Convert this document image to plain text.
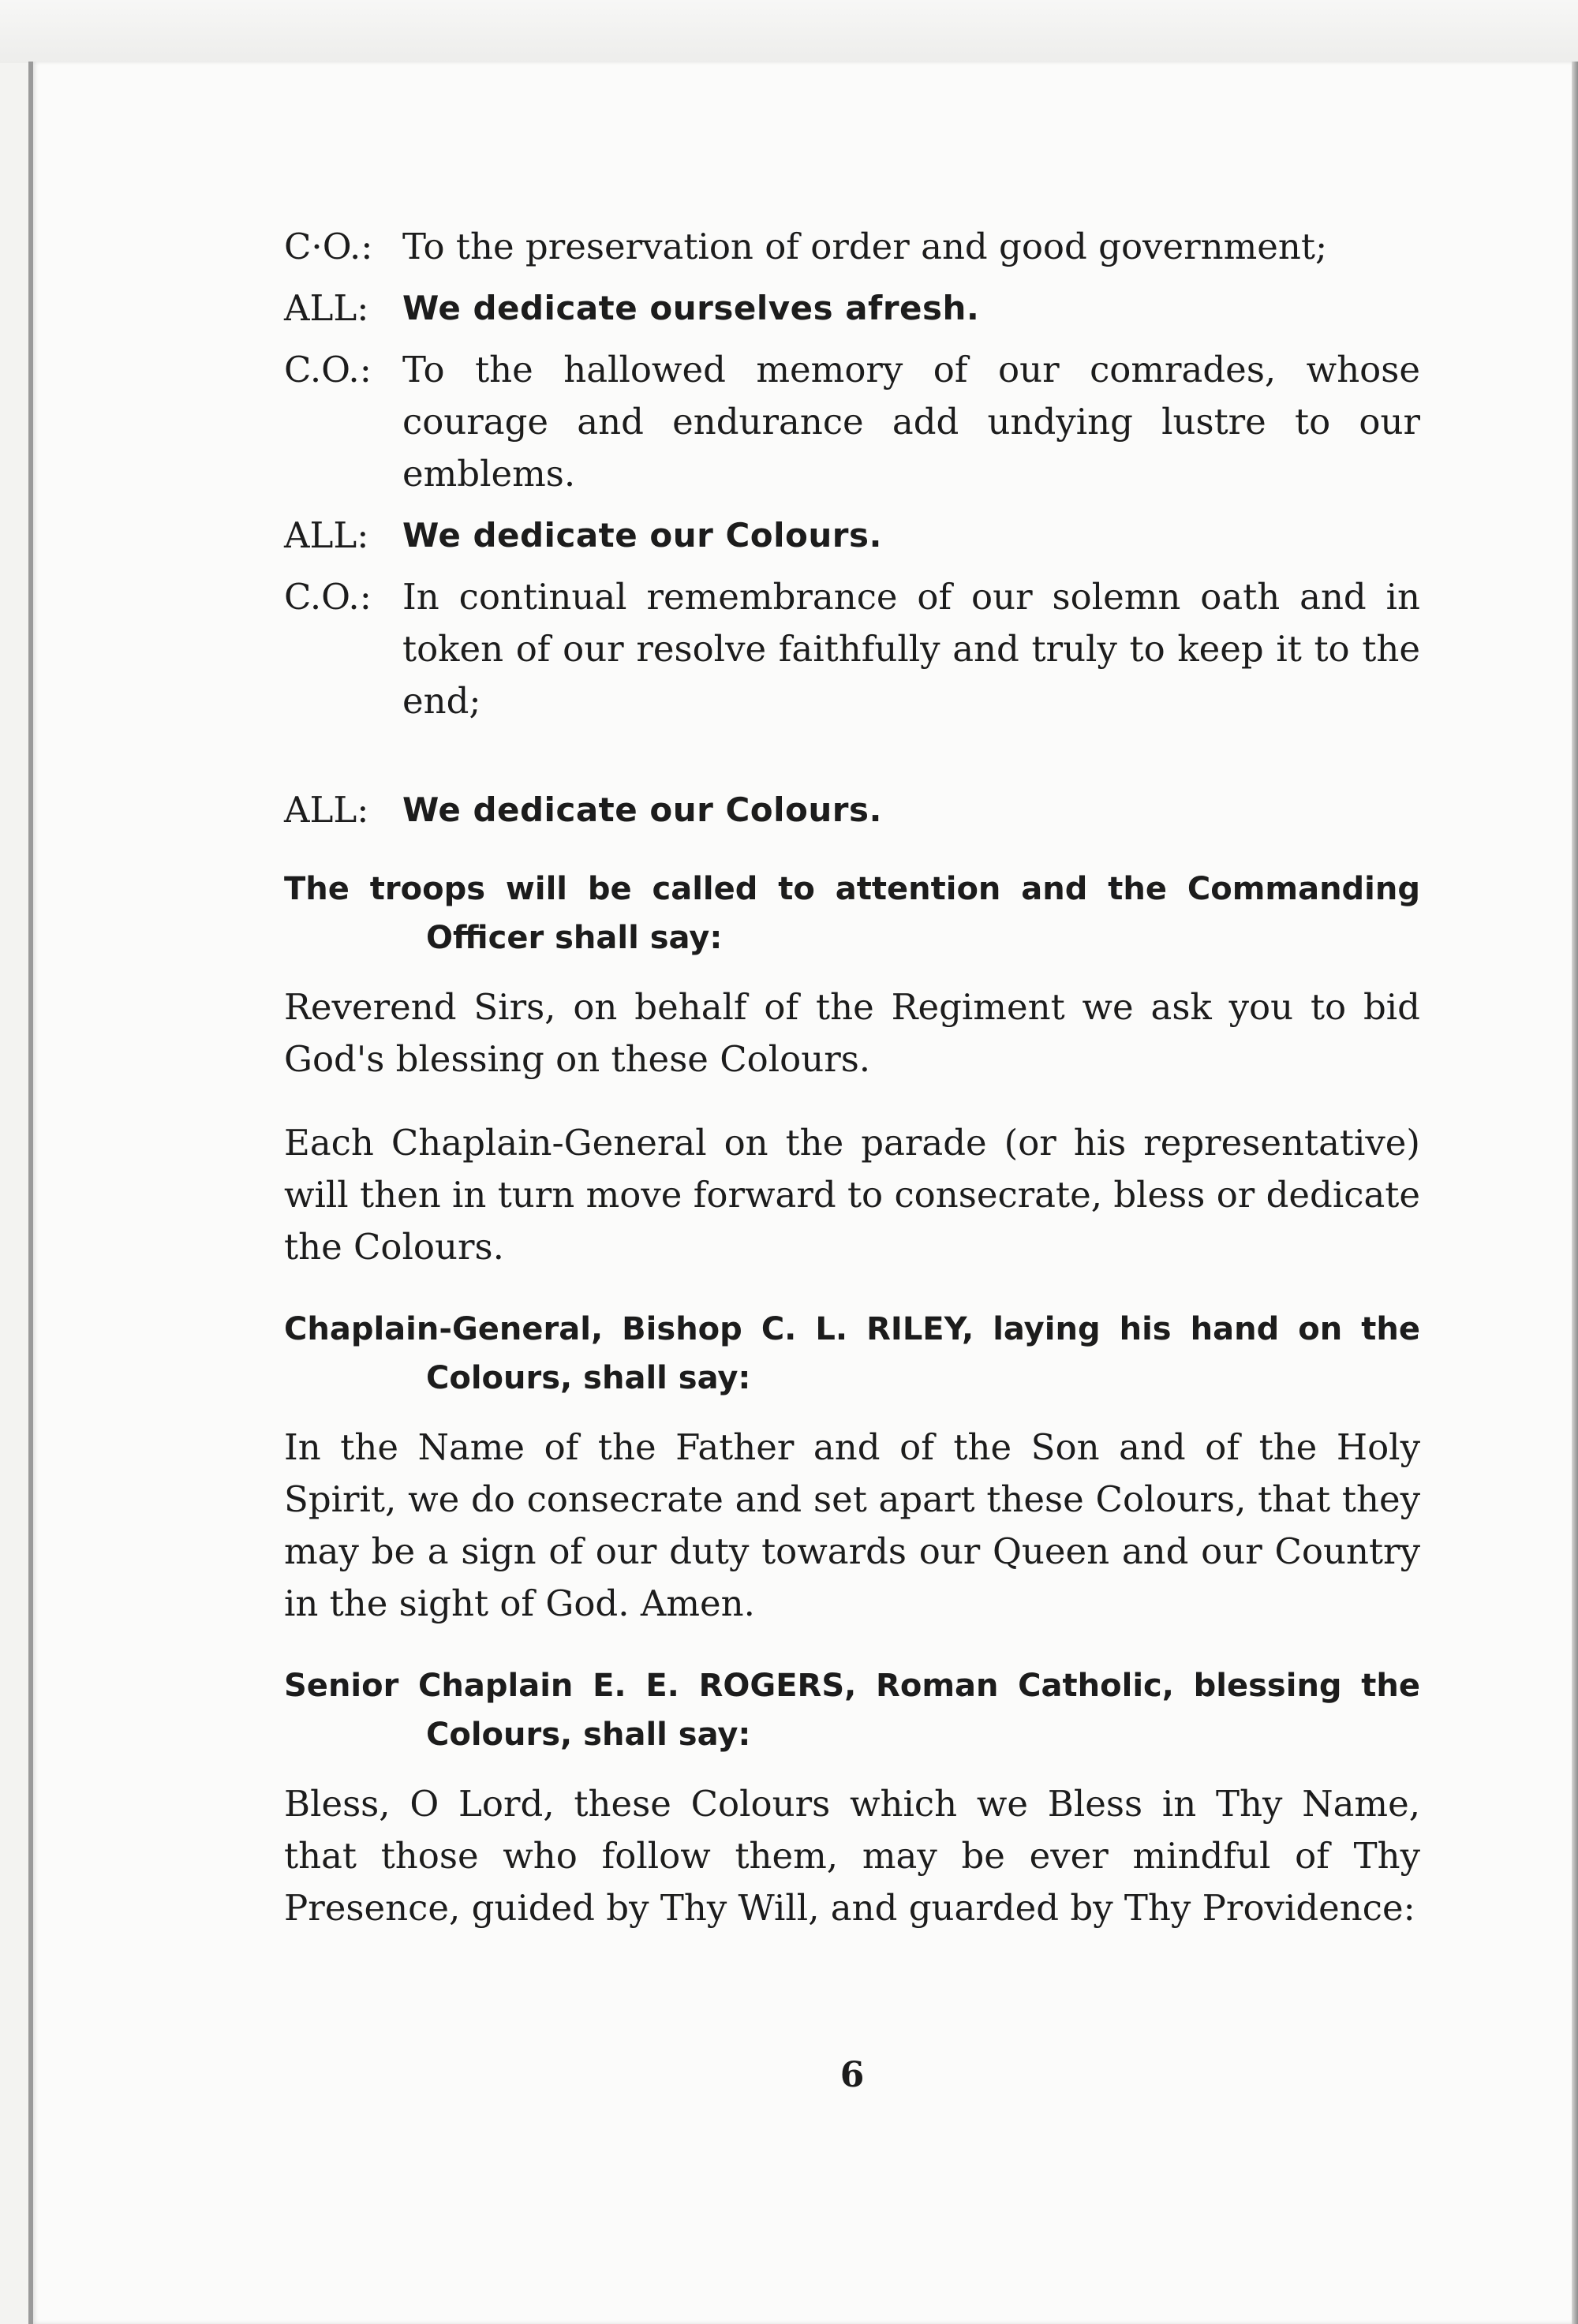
C·O.: To the preservation of order and good government;
ALL:	We dedicate ourselves afresh.
C.O.: To the hallowed memory of our comrades, whose courage and endurance add undying lustre to our emblems.
ALL:	We dedicate our Colours.
C.O.: In continual remembrance of our solemn oath and in token of our resolve faithfully and truly to keep it to the end;
ALL:	We dedicate our Colours.
The troops will be called to attention and the Commanding Officer shall say:
Reverend Sirs, on behalf of the Regiment we ask you to bid God's blessing on these Colours.
Each Chaplain-General on the parade (or his representative) will then in turn move forward to consecrate, bless or dedicate the Colours.
Chaplain-General, Bishop C. L. RILEY, laying his hand on the Colours, shall say:
In the Name of the Father and of the Son and of the Holy Spirit, we do consecrate and set apart these Colours, that they may be a sign of our duty towards our Queen and our Country in the sight of God. Amen.
Senior Chaplain E. E. ROGERS, Roman Catholic, blessing the Colours, shall say:
Bless, O Lord, these Colours which we Bless in Thy Name, that those who follow them, may be ever mindful of Thy Presence, guided by Thy Will, and guarded by Thy Providence:
6
